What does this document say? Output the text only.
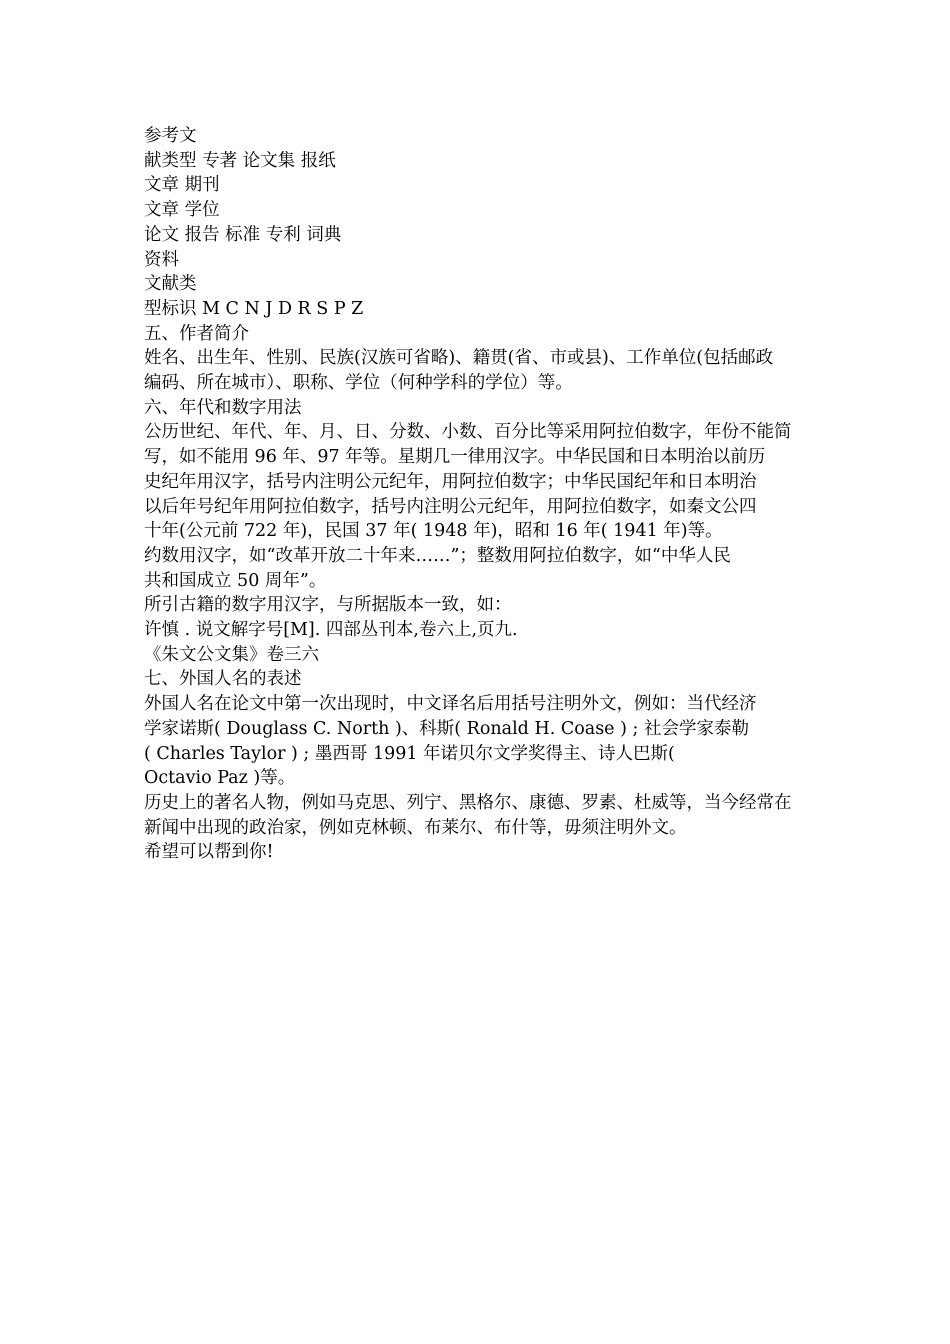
参考文
献类型 专著 论文集 报纸
文章 期刊
文章 学位
论文 报告 标准 专利 词典
资料
文献类
型标识 M C N J D R S P Z
五、作者简介
姓名、出生年、性别、民族(汉族可省略)、籍贯(省、市或县)、工作单位(包括邮政
编码、所在城市）、职称、学位（何种学科的学位）等。
六、年代和数字用法
公历世纪、年代、年、月、日、分数、小数、百分比等采用阿拉伯数字，年份不能简
写，如不能用 96 年、97 年等。星期几一律用汉字。中华民国和日本明治以前历
史纪年用汉字，括号内注明公元纪年，用阿拉伯数字；中华民国纪年和日本明治
以后年号纪年用阿拉伯数字，括号内注明公元纪年，用阿拉伯数字，如秦文公四
十年(公元前 722 年)，民国 37 年( 1948 年)，昭和 16 年( 1941 年)等。
约数用汉字，如“改革开放二十年来……”；整数用阿拉伯数字，如“中华人民
共和国成立 50 周年”。
所引古籍的数字用汉字，与所据版本一致，如：
许慎 . 说文解字号[M]. 四部丛刊本,卷六上,页九.
《朱文公文集》卷三六
七、外国人名的表述
外国人名在论文中第一次出现时，中文译名后用括号注明外文，例如：当代经济
学家诺斯( Douglass C. North )、科斯( Ronald H. Coase ) ; 社会学家泰勒
( Charles Taylor ) ; 墨西哥 1991 年诺贝尔文学奖得主、诗人巴斯(
Octavio Paz )等。
历史上的著名人物，例如马克思、列宁、黑格尔、康德、罗素、杜威等，当今经常在
新闻中出现的政治家，例如克林顿、布莱尔、布什等，毋须注明外文。
希望可以帮到你!
